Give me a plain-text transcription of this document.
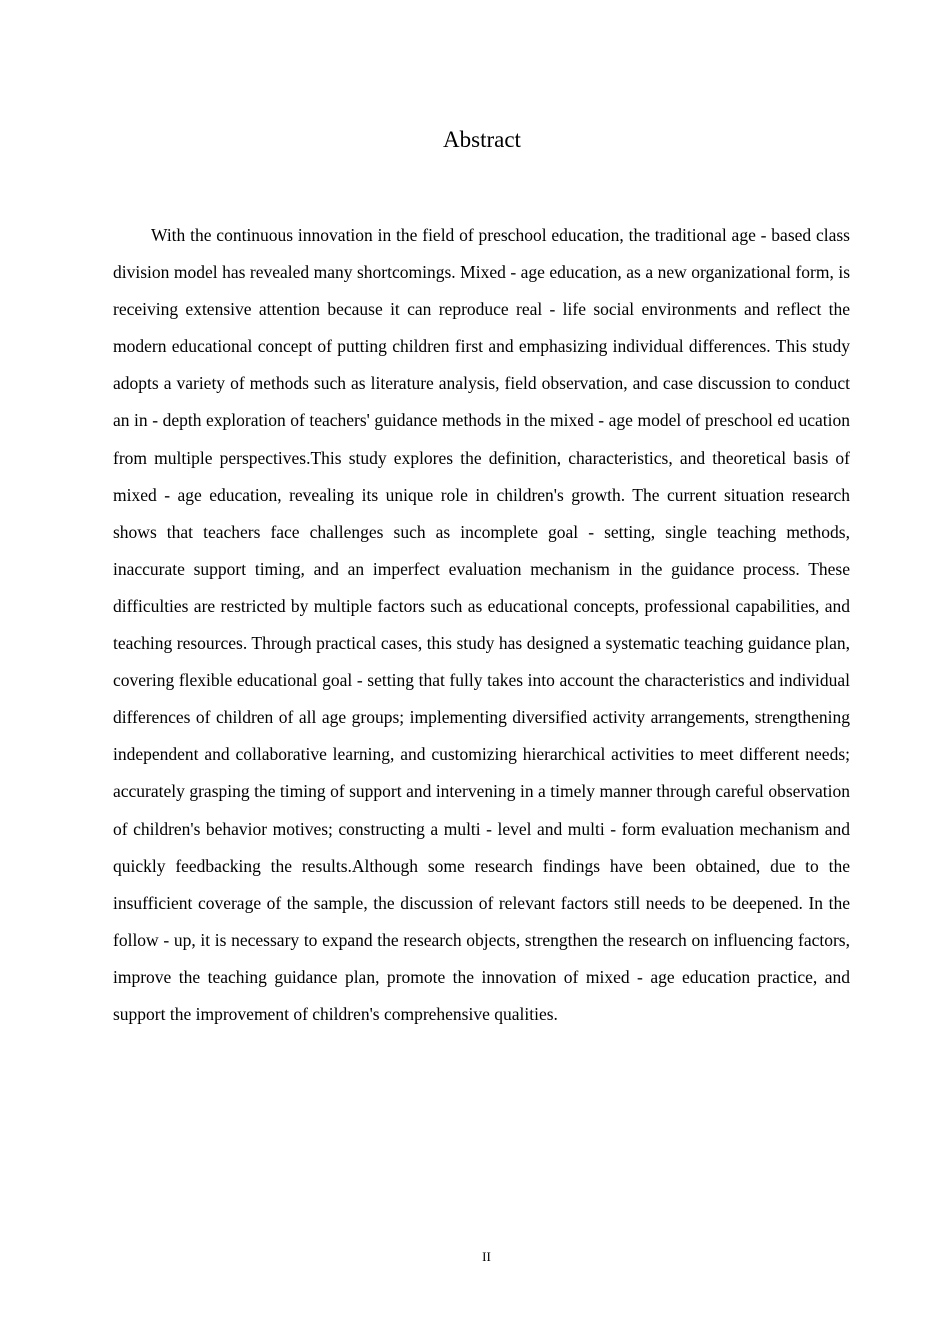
Abstract

With the continuous innovation in the field of preschool education, the traditional age - based class division model has revealed many shortcomings. Mixed - age education, as a new organizational form, is receiving extensive attention because it can reproduce real - life social environments and reflect the modern educational concept of putting children first and emphasizing individual differences. This study adopts a variety of methods such as literature analysis, field observation, and case discussion to conduct an in - depth exploration of teachers' guidance methods in the mixed - age model of preschool ed ucation from multiple perspectives.This study explores the definition, characteristics, and theoretical basis of mixed - age education, revealing its unique role in children's growth. The current situation research shows that teachers face challenges such as incomplete goal - setting, single teaching methods, inaccurate support timing, and an imperfect evaluation mechanism in the guidance process. These difficulties are restricted by multiple factors such as educational concepts, professional capabilities, and teaching resources. Through practical cases, this study has designed a systematic teaching guidance plan, covering flexible educational goal - setting that fully takes into account the characteristics and individual differences of children of all age groups; implementing diversified activity arrangements, strengthening independent and collaborative learning, and customizing hierarchical activities to meet different needs; accurately grasping the timing of support and intervening in a timely manner through careful observation of children's behavior motives; constructing a multi - level and multi - form evaluation mechanism and quickly feedbacking the results.Although some research findings have been obtained, due to the insufficient coverage of the sample, the discussion of relevant factors still needs to be deepened. In the follow - up, it is necessary to expand the research objects, strengthen the research on influencing factors, improve the teaching guidance plan, promote the innovation of mixed - age education practice, and support the improvement of children's comprehensive qualities.

II
